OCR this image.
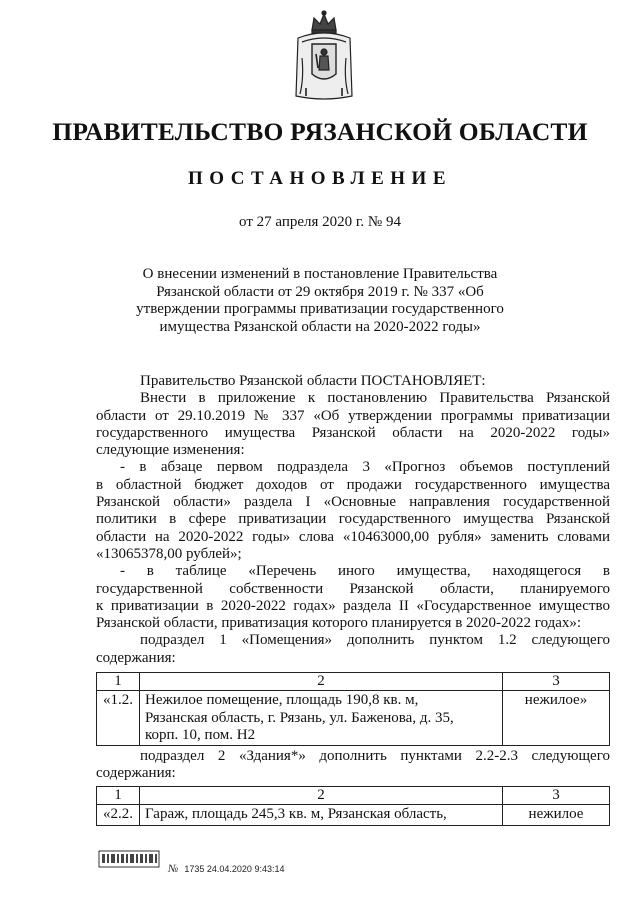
ПРАВИТЕЛЬСТВО РЯЗАНСКОЙ ОБЛАСТИ
ПОСТАНОВЛЕНИЕ
от 27 апреля 2020 г. № 94
О внесении изменений в постановление Правительства
Рязанской области от 29 октября 2019 г. № 337 «Об
утверждении программы приватизации государственного
имущества Рязанской области на 2020-2022 годы»
Правительство Рязанской области ПОСТАНОВЛЯЕТ:
Внести в приложение к постановлению Правительства Рязанской
области от 29.10.2019 № 337 «Об утверждении программы приватизации
государственного имущества Рязанской области на 2020-2022 годы»
следующие изменения:
- в абзаце первом подраздела 3 «Прогноз объемов поступлений
в областной бюджет доходов от продажи государственного имущества
Рязанской области» раздела I «Основные направления государственной
политики в сфере приватизации государственного имущества Рязанской
области на 2020-2022 годы» слова «10463000,00 рубля» заменить словами
«13065378,00 рублей»;
- в таблице «Перечень иного имущества, находящегося в
государственной собственности Рязанской области, планируемого
к приватизации в 2020-2022 годах» раздела II «Государственное имущество
Рязанской области, приватизация которого планируется в 2020-2022 годах»:
подраздел 1 «Помещения» дополнить пунктом 1.2 следующего
содержания:
1	2	3
«1.2.	Нежилое помещение, площадь 190,8 кв. м,
Рязанская область, г. Рязань, ул. Баженова, д. 35,
корп. 10, пом. Н2	нежилое»
подраздел 2 «Здания*» дополнить пунктами 2.2-2.3 следующего
содержания:
1	2	3
«2.2.	Гараж, площадь 245,3 кв. м, Рязанская область,	нежилое
№ 1735 24.04.2020 9:43:14
